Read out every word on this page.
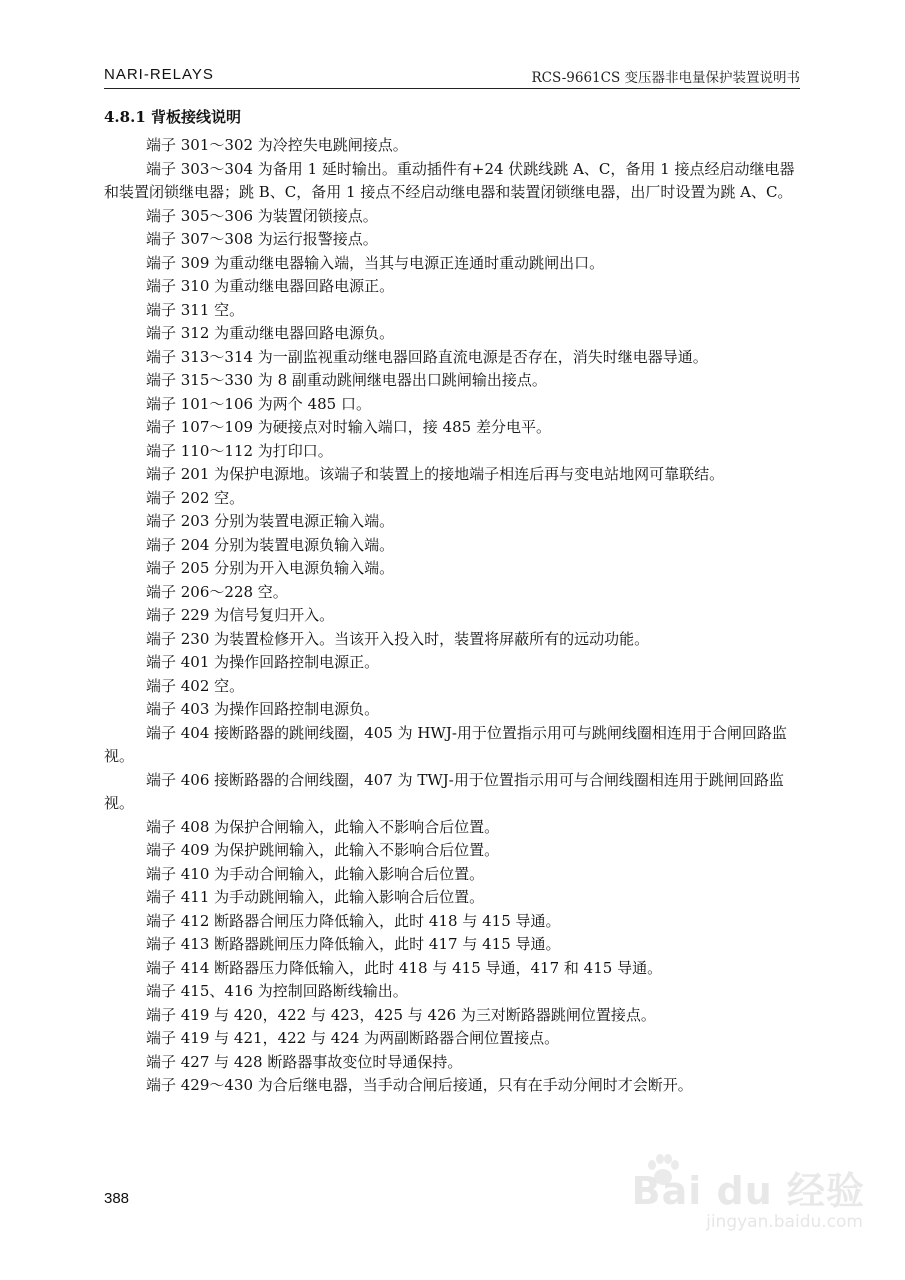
NARI-RELAYS	RCS-9661CS 变压器非电量保护装置说明书
4.8.1 背板接线说明

端子 301～302 为冷控失电跳闸接点。

端子 303～304 为备用 1 延时输出。重动插件有+24 伏跳线跳 A、C，备用 1 接点经启动继电器和装置闭锁继电器；跳 B、C，备用 1 接点不经启动继电器和装置闭锁继电器，出厂时设置为跳 A、C。

端子 305～306 为装置闭锁接点。

端子 307～308 为运行报警接点。

端子 309 为重动继电器输入端，当其与电源正连通时重动跳闸出口。

端子 310 为重动继电器回路电源正。

端子 311 空。

端子 312 为重动继电器回路电源负。

端子 313～314 为一副监视重动继电器回路直流电源是否存在，消失时继电器导通。

端子 315～330 为 8 副重动跳闸继电器出口跳闸输出接点。

端子 101～106 为两个 485 口。

端子 107～109 为硬接点对时输入端口，接 485 差分电平。

端子 110～112 为打印口。

端子 201 为保护电源地。该端子和装置上的接地端子相连后再与变电站地网可靠联结。

端子 202 空。

端子 203 分别为装置电源正输入端。

端子 204 分别为装置电源负输入端。

端子 205 分别为开入电源负输入端。

端子 206～228 空。

端子 229 为信号复归开入。

端子 230 为装置检修开入。当该开入投入时，装置将屏蔽所有的远动功能。

端子 401 为操作回路控制电源正。

端子 402 空。

端子 403 为操作回路控制电源负。

端子 404 接断路器的跳闸线圈，405 为 HWJ-用于位置指示用可与跳闸线圈相连用于合闸回路监视。

端子 406 接断路器的合闸线圈，407 为 TWJ-用于位置指示用可与合闸线圈相连用于跳闸回路监视。

端子 408 为保护合闸输入，此输入不影响合后位置。

端子 409 为保护跳闸输入，此输入不影响合后位置。

端子 410 为手动合闸输入，此输入影响合后位置。

端子 411 为手动跳闸输入，此输入影响合后位置。

端子 412 断路器合闸压力降低输入，此时 418 与 415 导通。

端子 413 断路器跳闸压力降低输入，此时 417 与 415 导通。

端子 414 断路器压力降低输入，此时 418 与 415 导通，417 和 415 导通。

端子 415、416 为控制回路断线输出。

端子 419 与 420，422 与 423，425 与 426 为三对断路器跳闸位置接点。

端子 419 与 421，422 与 424 为两副断路器合闸位置接点。

端子 427 与 428 断路器事故变位时导通保持。

端子 429～430 为合后继电器，当手动合闸后接通，只有在手动分闸时才会断开。

388	Bai du 经验
jingyan.baidu.com
